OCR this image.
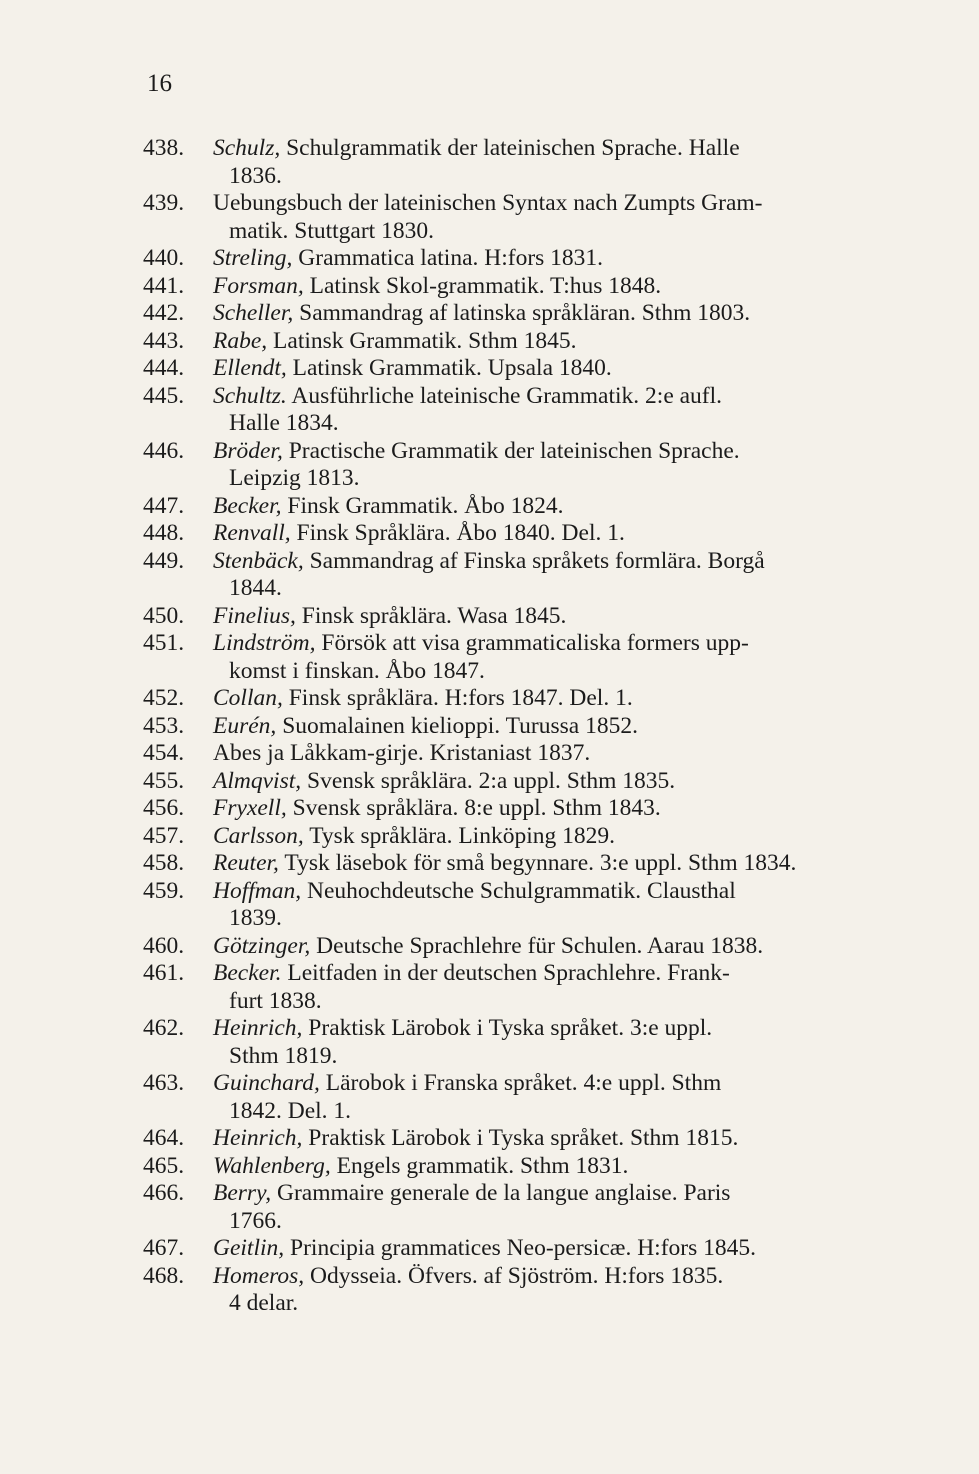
16
438.	Schulz, Schulgrammatik der lateinischen Sprache. Halle
1836.
439.	Uebungsbuch der lateinischen Syntax nach Zumpts Gram-
matik. Stuttgart 1830.
440.	Streling, Grammatica latina. H:fors 1831.
441.	Forsman, Latinsk Skol-grammatik. T:hus 1848.
442.	Scheller, Sammandrag af latinska språkläran. Sthm 1803.
443.	Rabe, Latinsk Grammatik. Sthm 1845.
444.	Ellendt, Latinsk Grammatik. Upsala 1840.
445.	Schultz. Ausführliche lateinische Grammatik. 2:e aufl.
Halle 1834.
446.	Bröder, Practische Grammatik der lateinischen Sprache.
Leipzig 1813.
447.	Becker, Finsk Grammatik. Åbo 1824.
448.	Renvall, Finsk Språklära. Åbo 1840. Del. 1.
449.	Stenbäck, Sammandrag af Finska språkets formlära. Borgå
1844.
450.	Finelius, Finsk språklära. Wasa 1845.
451.	Lindström, Försök att visa grammaticaliska formers upp-
komst i finskan. Åbo 1847.
452.	Collan, Finsk språklära. H:fors 1847. Del. 1.
453.	Eurén, Suomalainen kielioppi. Turussa 1852.
454.	Abes ja Låkkam-girje. Kristaniast 1837.
455.	Almqvist, Svensk språklära. 2:a uppl. Sthm 1835.
456.	Fryxell, Svensk språklära. 8:e uppl. Sthm 1843.
457.	Carlsson, Tysk språklära. Linköping 1829.
458.	Reuter, Tysk läsebok för små begynnare. 3:e uppl. Sthm 1834.
459.	Hoffman, Neuhochdeutsche Schulgrammatik. Clausthal
1839.
460.	Götzinger, Deutsche Sprachlehre für Schulen. Aarau 1838.
461.	Becker. Leitfaden in der deutschen Sprachlehre. Frank-
furt 1838.
462.	Heinrich, Praktisk Lärobok i Tyska språket. 3:e uppl.
Sthm 1819.
463.	Guinchard, Lärobok i Franska språket. 4:e uppl. Sthm
1842. Del. 1.
464.	Heinrich, Praktisk Lärobok i Tyska språket. Sthm 1815.
465.	Wahlenberg, Engels grammatik. Sthm 1831.
466.	Berry, Grammaire generale de la langue anglaise. Paris
1766.
467.	Geitlin, Principia grammatices Neo-persicæ. H:fors 1845.
468.	Homeros, Odysseia. Öfvers. af Sjöström. H:fors 1835.
4 delar.
